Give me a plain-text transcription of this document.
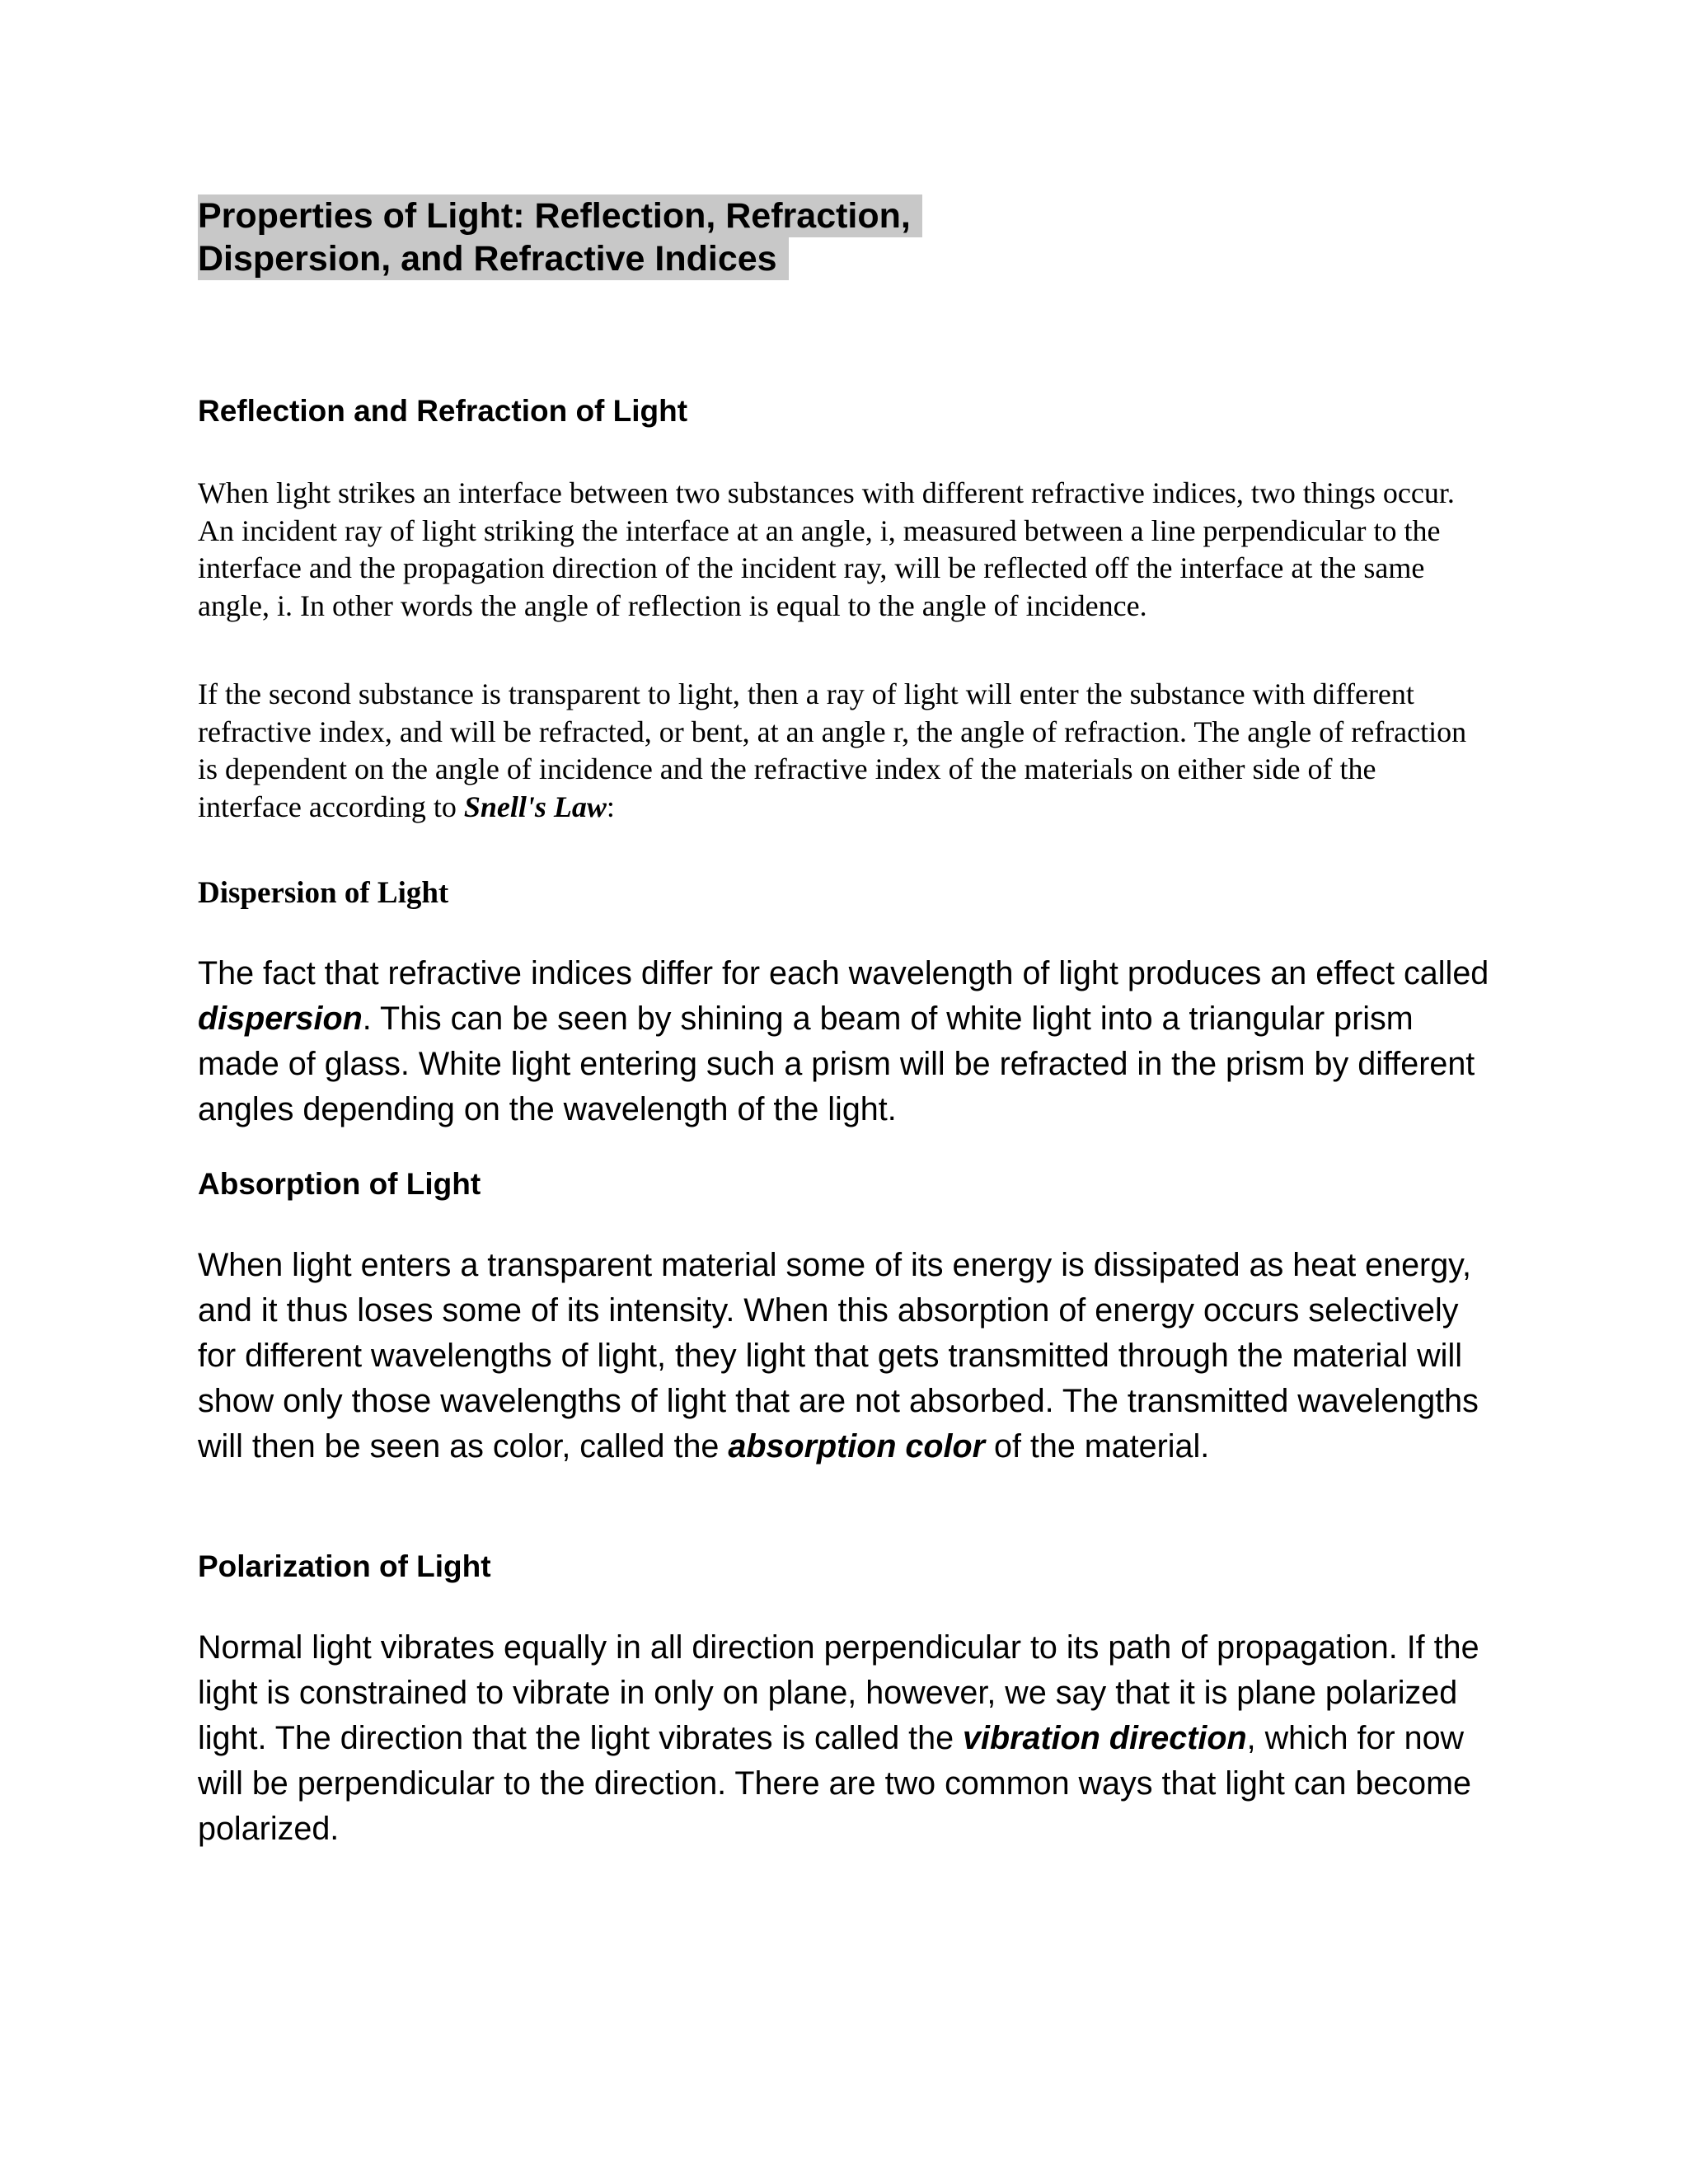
Properties of Light: Reflection, Refraction,
Dispersion, and Refractive Indices
Reflection and Refraction of Light

When light strikes an interface between two substances with different refractive indices, two things occur. An incident ray of light striking the interface at an angle, i, measured between a line perpendicular to the interface and the propagation direction of the incident ray, will be reflected off the interface at the same angle, i. In other words the angle of reflection is equal to the angle of incidence.

If the second substance is transparent to light, then a ray of light will enter the substance with different refractive index, and will be refracted, or bent, at an angle r, the angle of refraction. The angle of refraction is dependent on the angle of incidence and the refractive index of the materials on either side of the interface according to Snell's Law:

Dispersion of Light

The fact that refractive indices differ for each wavelength of light produces an effect called dispersion. This can be seen by shining a beam of white light into a triangular prism made of glass. White light entering such a prism will be refracted in the prism by different angles depending on the wavelength of the light.

Absorption of Light

When light enters a transparent material some of its energy is dissipated as heat energy, and it thus loses some of its intensity. When this absorption of energy occurs selectively for different wavelengths of light, they light that gets transmitted through the material will show only those wavelengths of light that are not absorbed. The transmitted wavelengths will then be seen as color, called the absorption color of the material.

Polarization of Light

Normal light vibrates equally in all direction perpendicular to its path of propagation. If the light is constrained to vibrate in only on plane, however, we say that it is plane polarized light. The direction that the light vibrates is called the vibration direction, which for now will be perpendicular to the direction. There are two common ways that light can become polarized.
